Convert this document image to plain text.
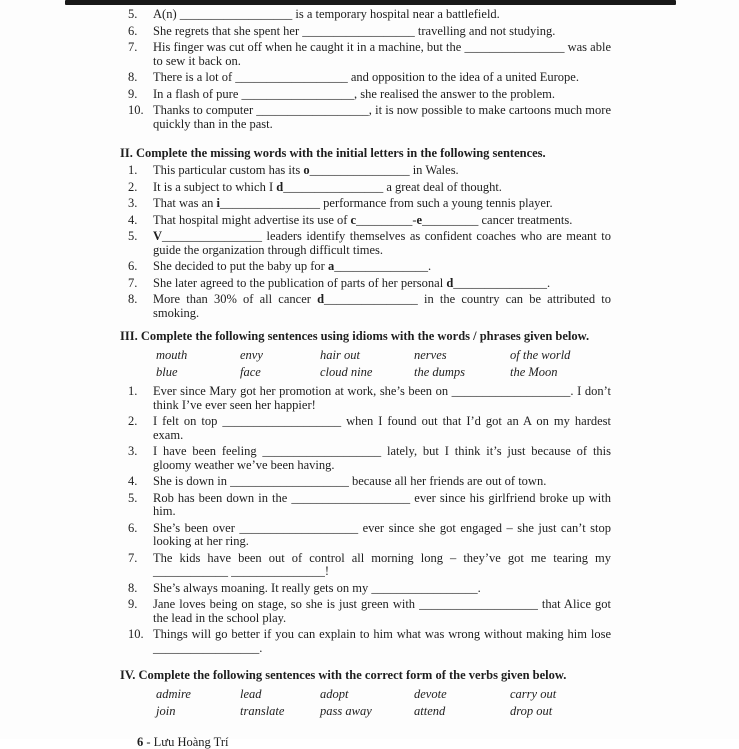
5.	A(n) __________________ is a temporary hospital near a battlefield.
6.	She regrets that she spent her __________________ travelling and not studying.
7.	His finger was cut off when he caught it in a machine, but the ________________ was able to sew it back on.
8.	There is a lot of __________________ and opposition to the idea of a united Europe.
9.	In a flash of pure __________________, she realised the answer to the problem.
10. Thanks to computer __________________, it is now possible to make cartoons much more quickly than in the past.
II. Complete the missing words with the initial letters in the following sentences.
1.	This particular custom has its o________________ in Wales.
2.	It is a subject to which I d________________ a great deal of thought.
3.	That was an i________________ performance from such a young tennis player.
4.	That hospital might advertise its use of c_________-e_________ cancer treatments.
5.	V________________ leaders identify themselves as confident coaches who are meant to guide the organization through difficult times.
6.	She decided to put the baby up for a_______________.
7.	She later agreed to the publication of parts of her personal d_______________.
8.	More than 30% of all cancer d_______________ in the country can be attributed to smoking.
III. Complete the following sentences using idioms with the words / phrases given below.
mouth	envy	hair out	nerves	of the world
blue	face	cloud nine	the dumps	the Moon
1.	Ever since Mary got her promotion at work, she’s been on ___________________. I don’t think I’ve ever seen her happier!
2.	I felt on top ___________________ when I found out that I’d got an A on my hardest exam.
3.	I have been feeling ___________________ lately, but I think it’s just because of this gloomy weather we’ve been having.
4.	She is down in ___________________ because all her friends are out of town.
5.	Rob has been down in the ___________________ ever since his girlfriend broke up with him.
6.	She’s been over ___________________ ever since she got engaged – she just can’t stop looking at her ring.
7.	The kids have been out of control all morning long – they’ve got me tearing my ____________ _______________!
8.	She’s always moaning. It really gets on my _________________.
9.	Jane loves being on stage, so she is just green with ___________________ that Alice got the lead in the school play.
10. Things will go better if you can explain to him what was wrong without making him lose _________________.
IV. Complete the following sentences with the correct form of the verbs given below.
admire	lead	adopt	devote	carry out
join	translate	pass away	attend	drop out
6 - Lưu Hoàng Trí
